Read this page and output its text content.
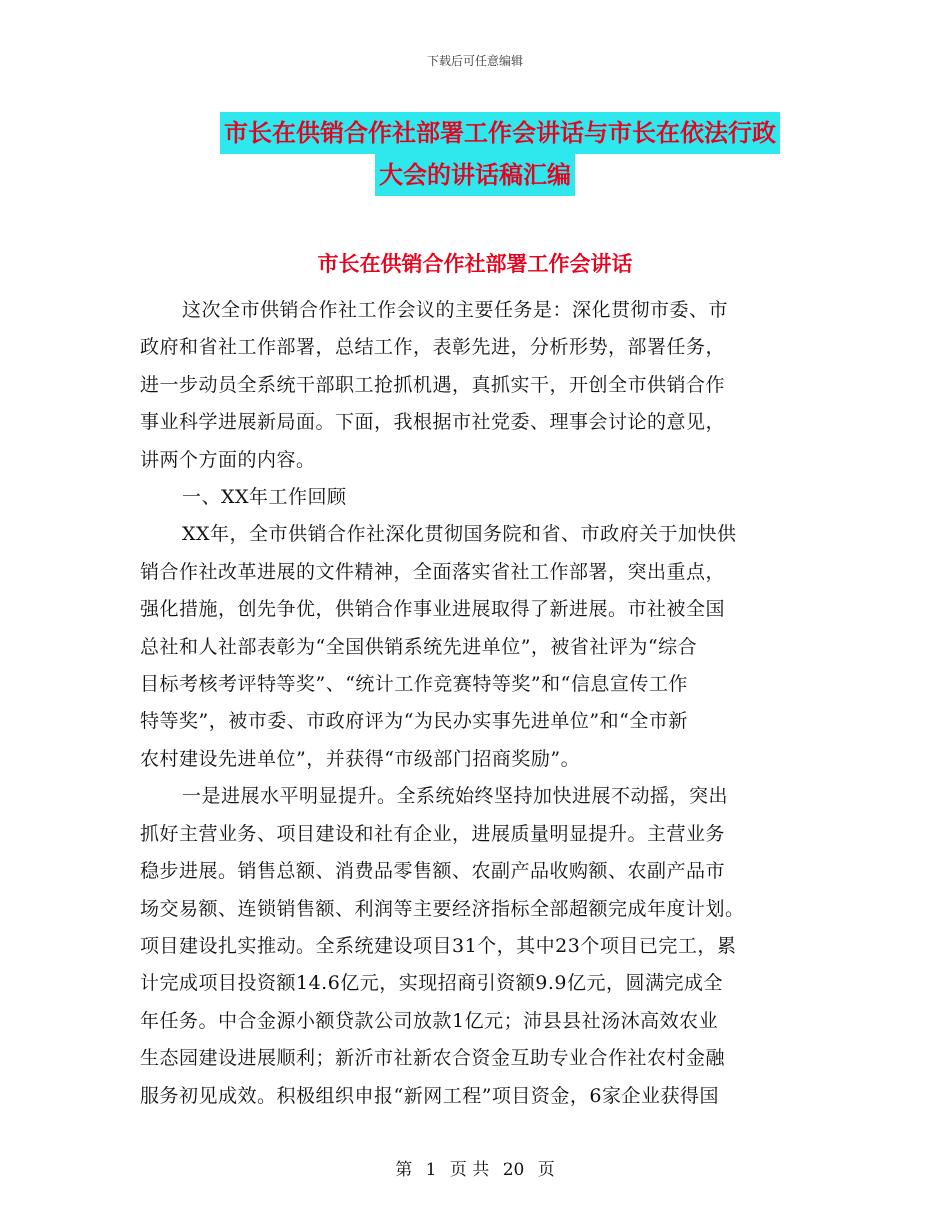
下载后可任意编辑
市长在供销合作社部署工作会讲话与市长在依法行政
大会的讲话稿汇编
市长在供销合作社部署工作会讲话
这次全市供销合作社工作会议的主要任务是：深化贯彻市委、市
政府和省社工作部署，总结工作，表彰先进，分析形势，部署任务，
进一步动员全系统干部职工抢抓机遇，真抓实干，开创全市供销合作
事业科学进展新局面。下面，我根据市社党委、理事会讨论的意见，
讲两个方面的内容。
一、XX年工作回顾
XX年，全市供销合作社深化贯彻国务院和省、市政府关于加快供
销合作社改革进展的文件精神，全面落实省社工作部署，突出重点，
强化措施，创先争优，供销合作事业进展取得了新进展。市社被全国
总社和人社部表彰为“全国供销系统先进单位”，被省社评为“综合
目标考核考评特等奖”、“统计工作竞赛特等奖”和“信息宣传工作
特等奖”，被市委、市政府评为“为民办实事先进单位”和“全市新
农村建设先进单位”，并获得“市级部门招商奖励”。
一是进展水平明显提升。全系统始终坚持加快进展不动摇，突出
抓好主营业务、项目建设和社有企业，进展质量明显提升。主营业务
稳步进展。销售总额、消费品零售额、农副产品收购额、农副产品市
场交易额、连锁销售额、利润等主要经济指标全部超额完成年度计划。
项目建设扎实推动。全系统建设项目31个，其中23个项目已完工，累
计完成项目投资额14.6亿元，实现招商引资额9.9亿元，圆满完成全
年任务。中合金源小额贷款公司放款1亿元；沛县县社汤沐高效农业
生态园建设进展顺利；新沂市社新农合资金互助专业合作社农村金融
服务初见成效。积极组织申报“新网工程”项目资金，6家企业获得国
第 1 页 共 20 页
